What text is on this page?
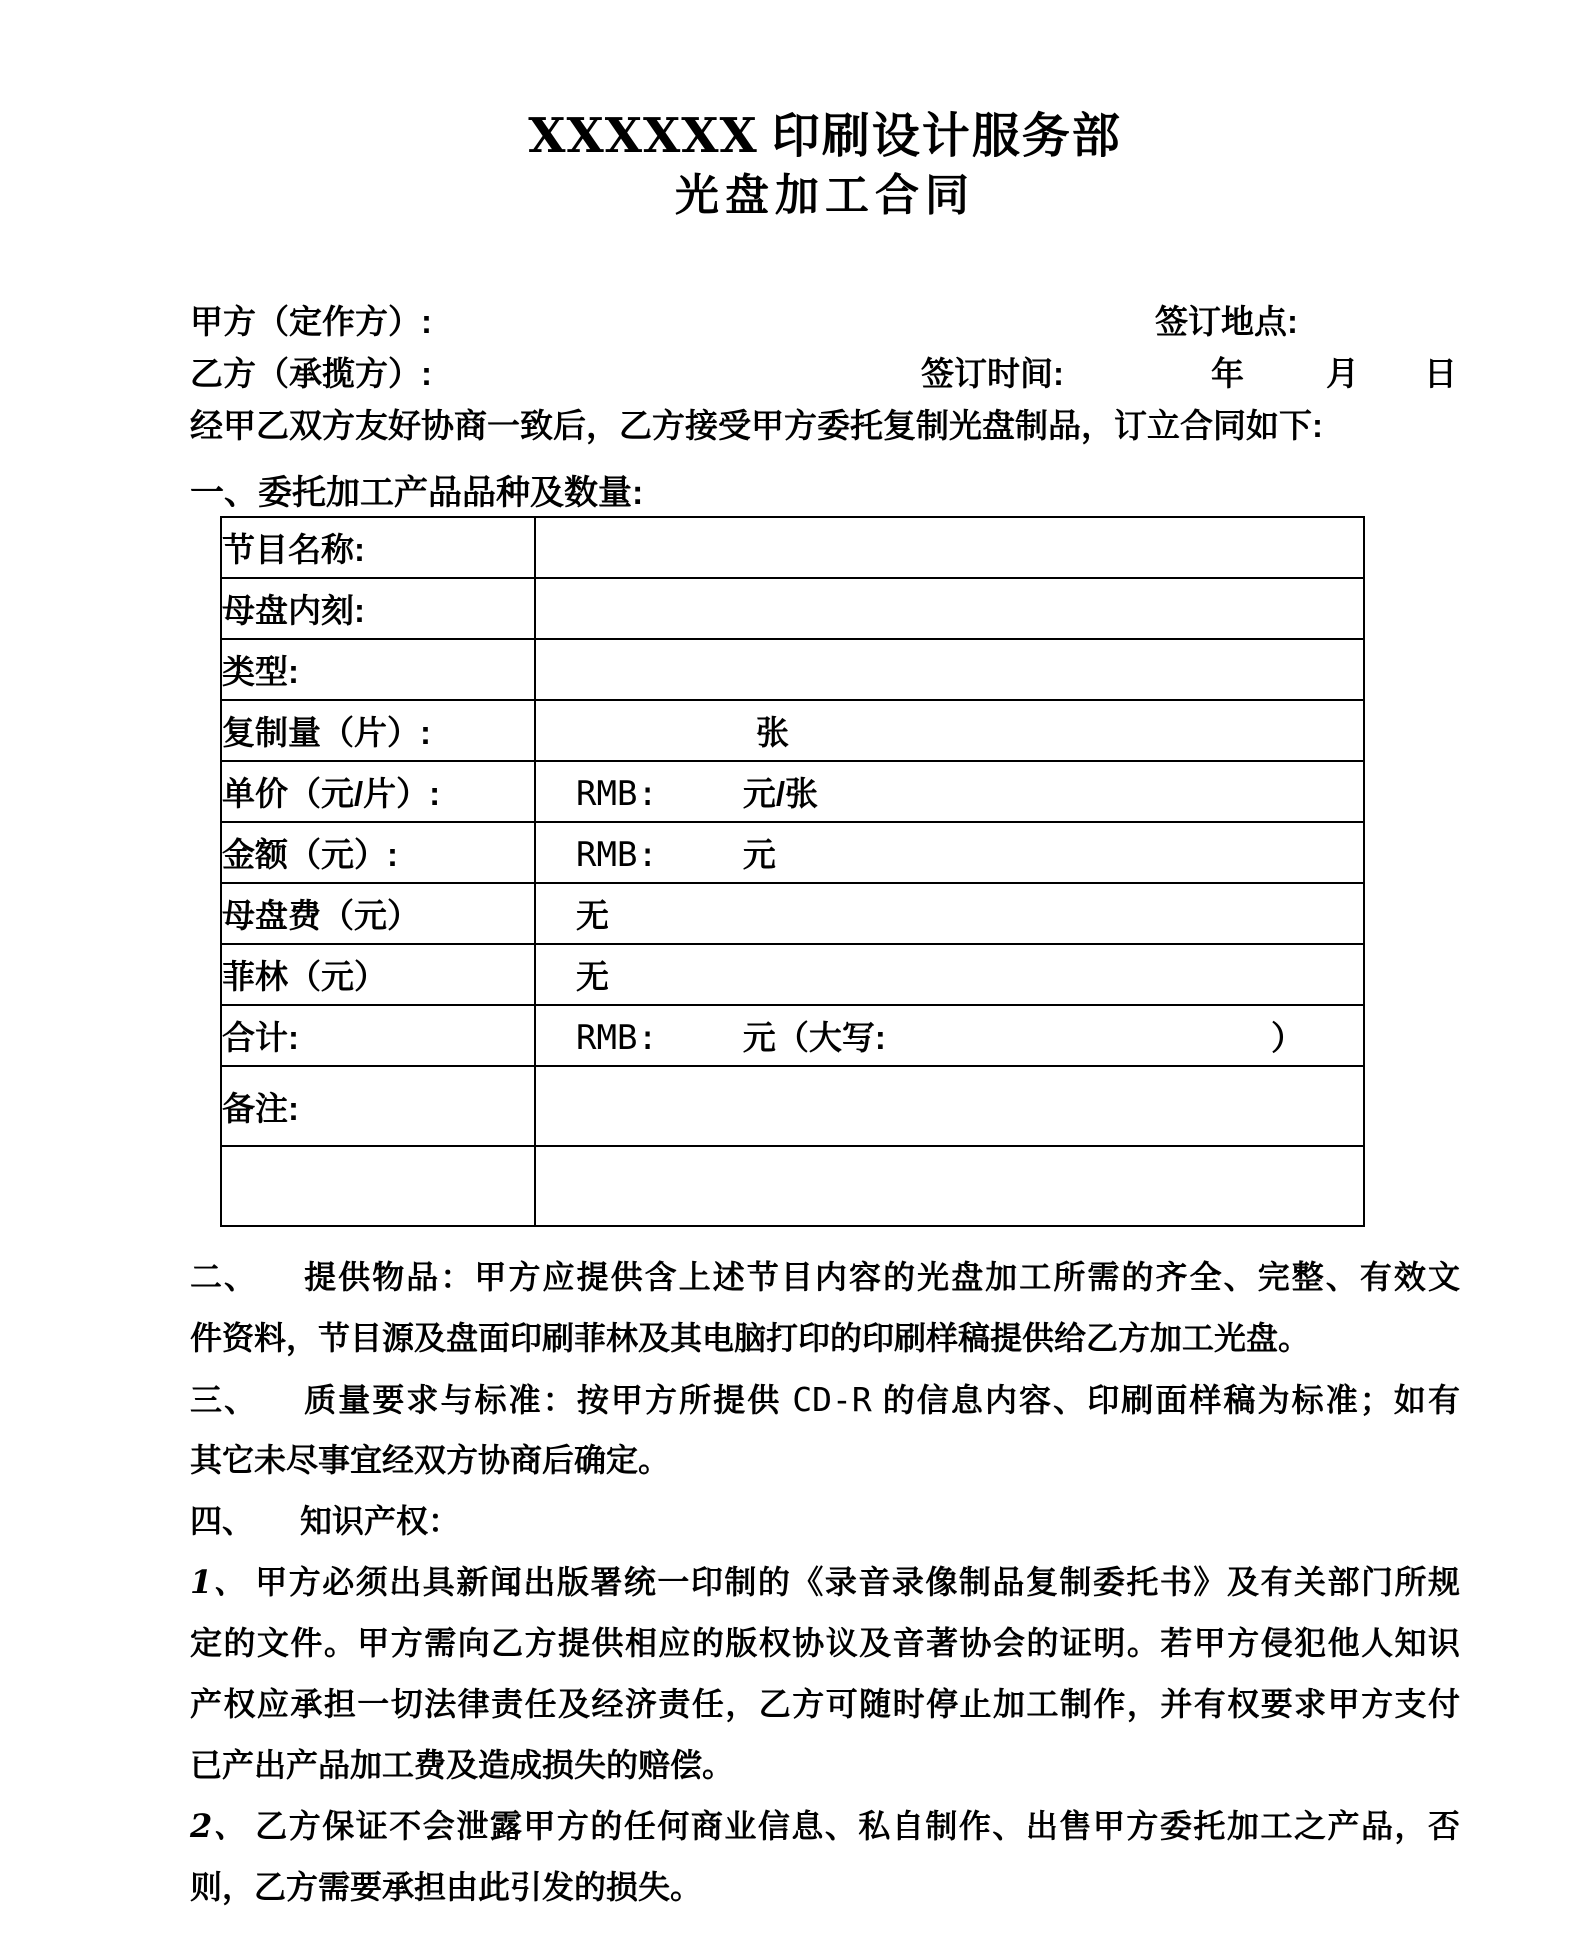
XXXXXX 印刷设计服务部
光盘加工合同
甲方（定作方）:	签订地点:
乙方（承揽方）:	签订时间:	年 月 日
经甲乙双方友好协商一致后，乙方接受甲方委托复制光盘制品，订立合同如下:
一、委托加工产品品种及数量:
节目名称:	
母盘内刻:	
类型:	
复制量（片）:	张
单价（元/片）:	RMB: 元/张
金额（元）:	RMB: 元
母盘费（元）	无
菲林（元）	无
合计:	RMB: 元（大写: ）

备注:	

二、 提供物品：甲方应提供含上述节目内容的光盘加工所需的齐全、完整、有效文
件资料，节目源及盘面印刷菲林及其电脑打印的印刷样稿提供给乙方加工光盘。
三、 质量要求与标准：按甲方所提供 CD-R 的信息内容、印刷面样稿为标准；如有
其它未尽事宜经双方协商后确定。
四、 知识产权：
1、 甲方必须出具新闻出版署统一印制的《录音录像制品复制委托书》及有关部门所规
定的文件。甲方需向乙方提供相应的版权协议及音著协会的证明。若甲方侵犯他人知识
产权应承担一切法律责任及经济责任，乙方可随时停止加工制作，并有权要求甲方支付
已产出产品加工费及造成损失的赔偿。
2、 乙方保证不会泄露甲方的任何商业信息、私自制作、出售甲方委托加工之产品，否
则，乙方需要承担由此引发的损失。
